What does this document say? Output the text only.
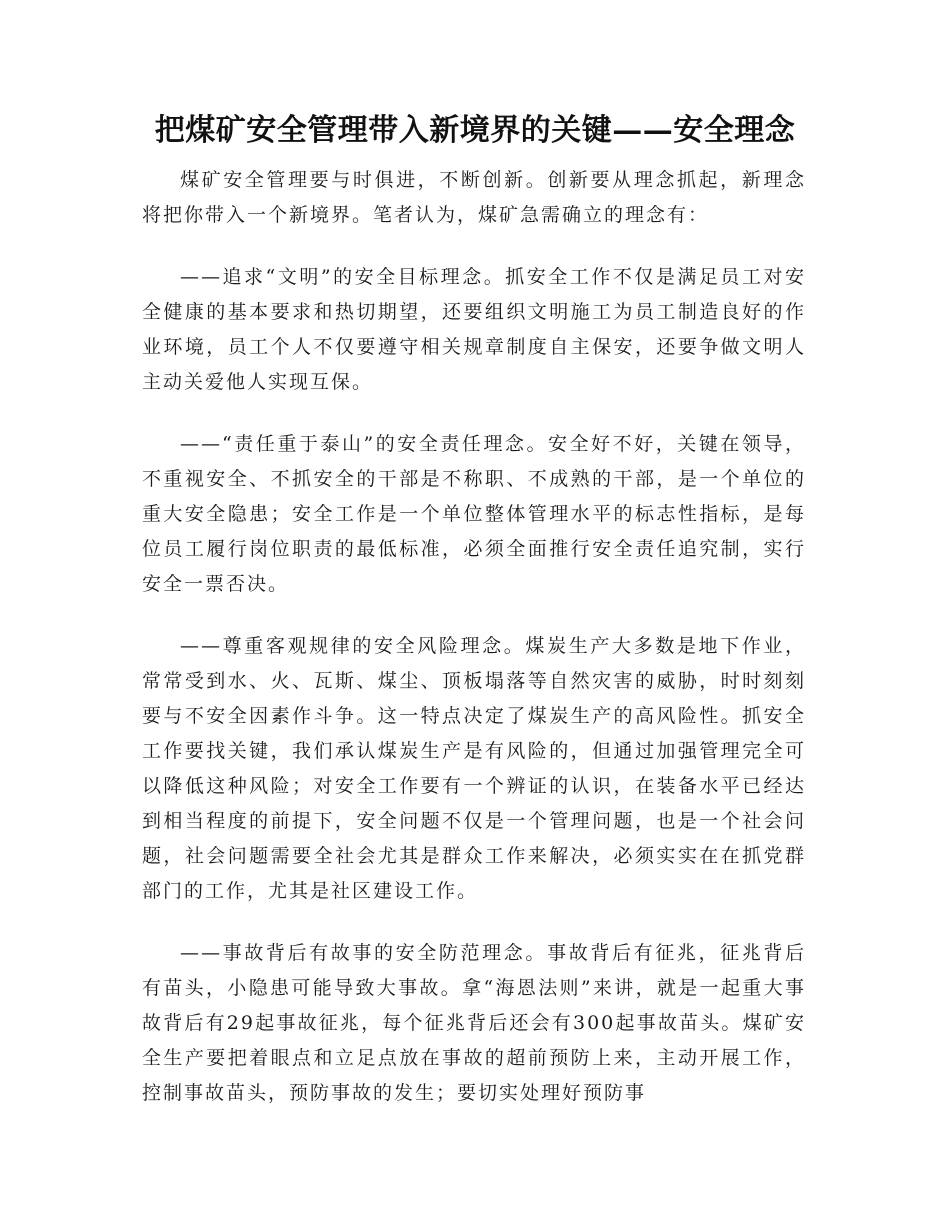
把煤矿安全管理带入新境界的关键——安全理念

煤矿安全管理要与时俱进，不断创新。创新要从理念抓起，新理念将把你带入一个新境界。笔者认为，煤矿急需确立的理念有：

——追求“文明”的安全目标理念。抓安全工作不仅是满足员工对安全健康的基本要求和热切期望，还要组织文明施工为员工制造良好的作业环境，员工个人不仅要遵守相关规章制度自主保安，还要争做文明人主动关爱他人实现互保。

——“责任重于泰山”的安全责任理念。安全好不好，关键在领导，不重视安全、不抓安全的干部是不称职、不成熟的干部，是一个单位的重大安全隐患；安全工作是一个单位整体管理水平的标志性指标，是每位员工履行岗位职责的最低标准，必须全面推行安全责任追究制，实行安全一票否决。

——尊重客观规律的安全风险理念。煤炭生产大多数是地下作业，常常受到水、火、瓦斯、煤尘、顶板塌落等自然灾害的威胁，时时刻刻要与不安全因素作斗争。这一特点决定了煤炭生产的高风险性。抓安全工作要找关键，我们承认煤炭生产是有风险的，但通过加强管理完全可以降低这种风险；对安全工作要有一个辨证的认识，在装备水平已经达到相当程度的前提下，安全问题不仅是一个管理问题，也是一个社会问题，社会问题需要全社会尤其是群众工作来解决，必须实实在在抓党群部门的工作，尤其是社区建设工作。

——事故背后有故事的安全防范理念。事故背后有征兆，征兆背后有苗头，小隐患可能导致大事故。拿“海恩法则”来讲，就是一起重大事故背后有29起事故征兆，每个征兆背后还会有300起事故苗头。煤矿安全生产要把着眼点和立足点放在事故的超前预防上来，主动开展工作，控制事故苗头，预防事故的发生；要切实处理好预防事
